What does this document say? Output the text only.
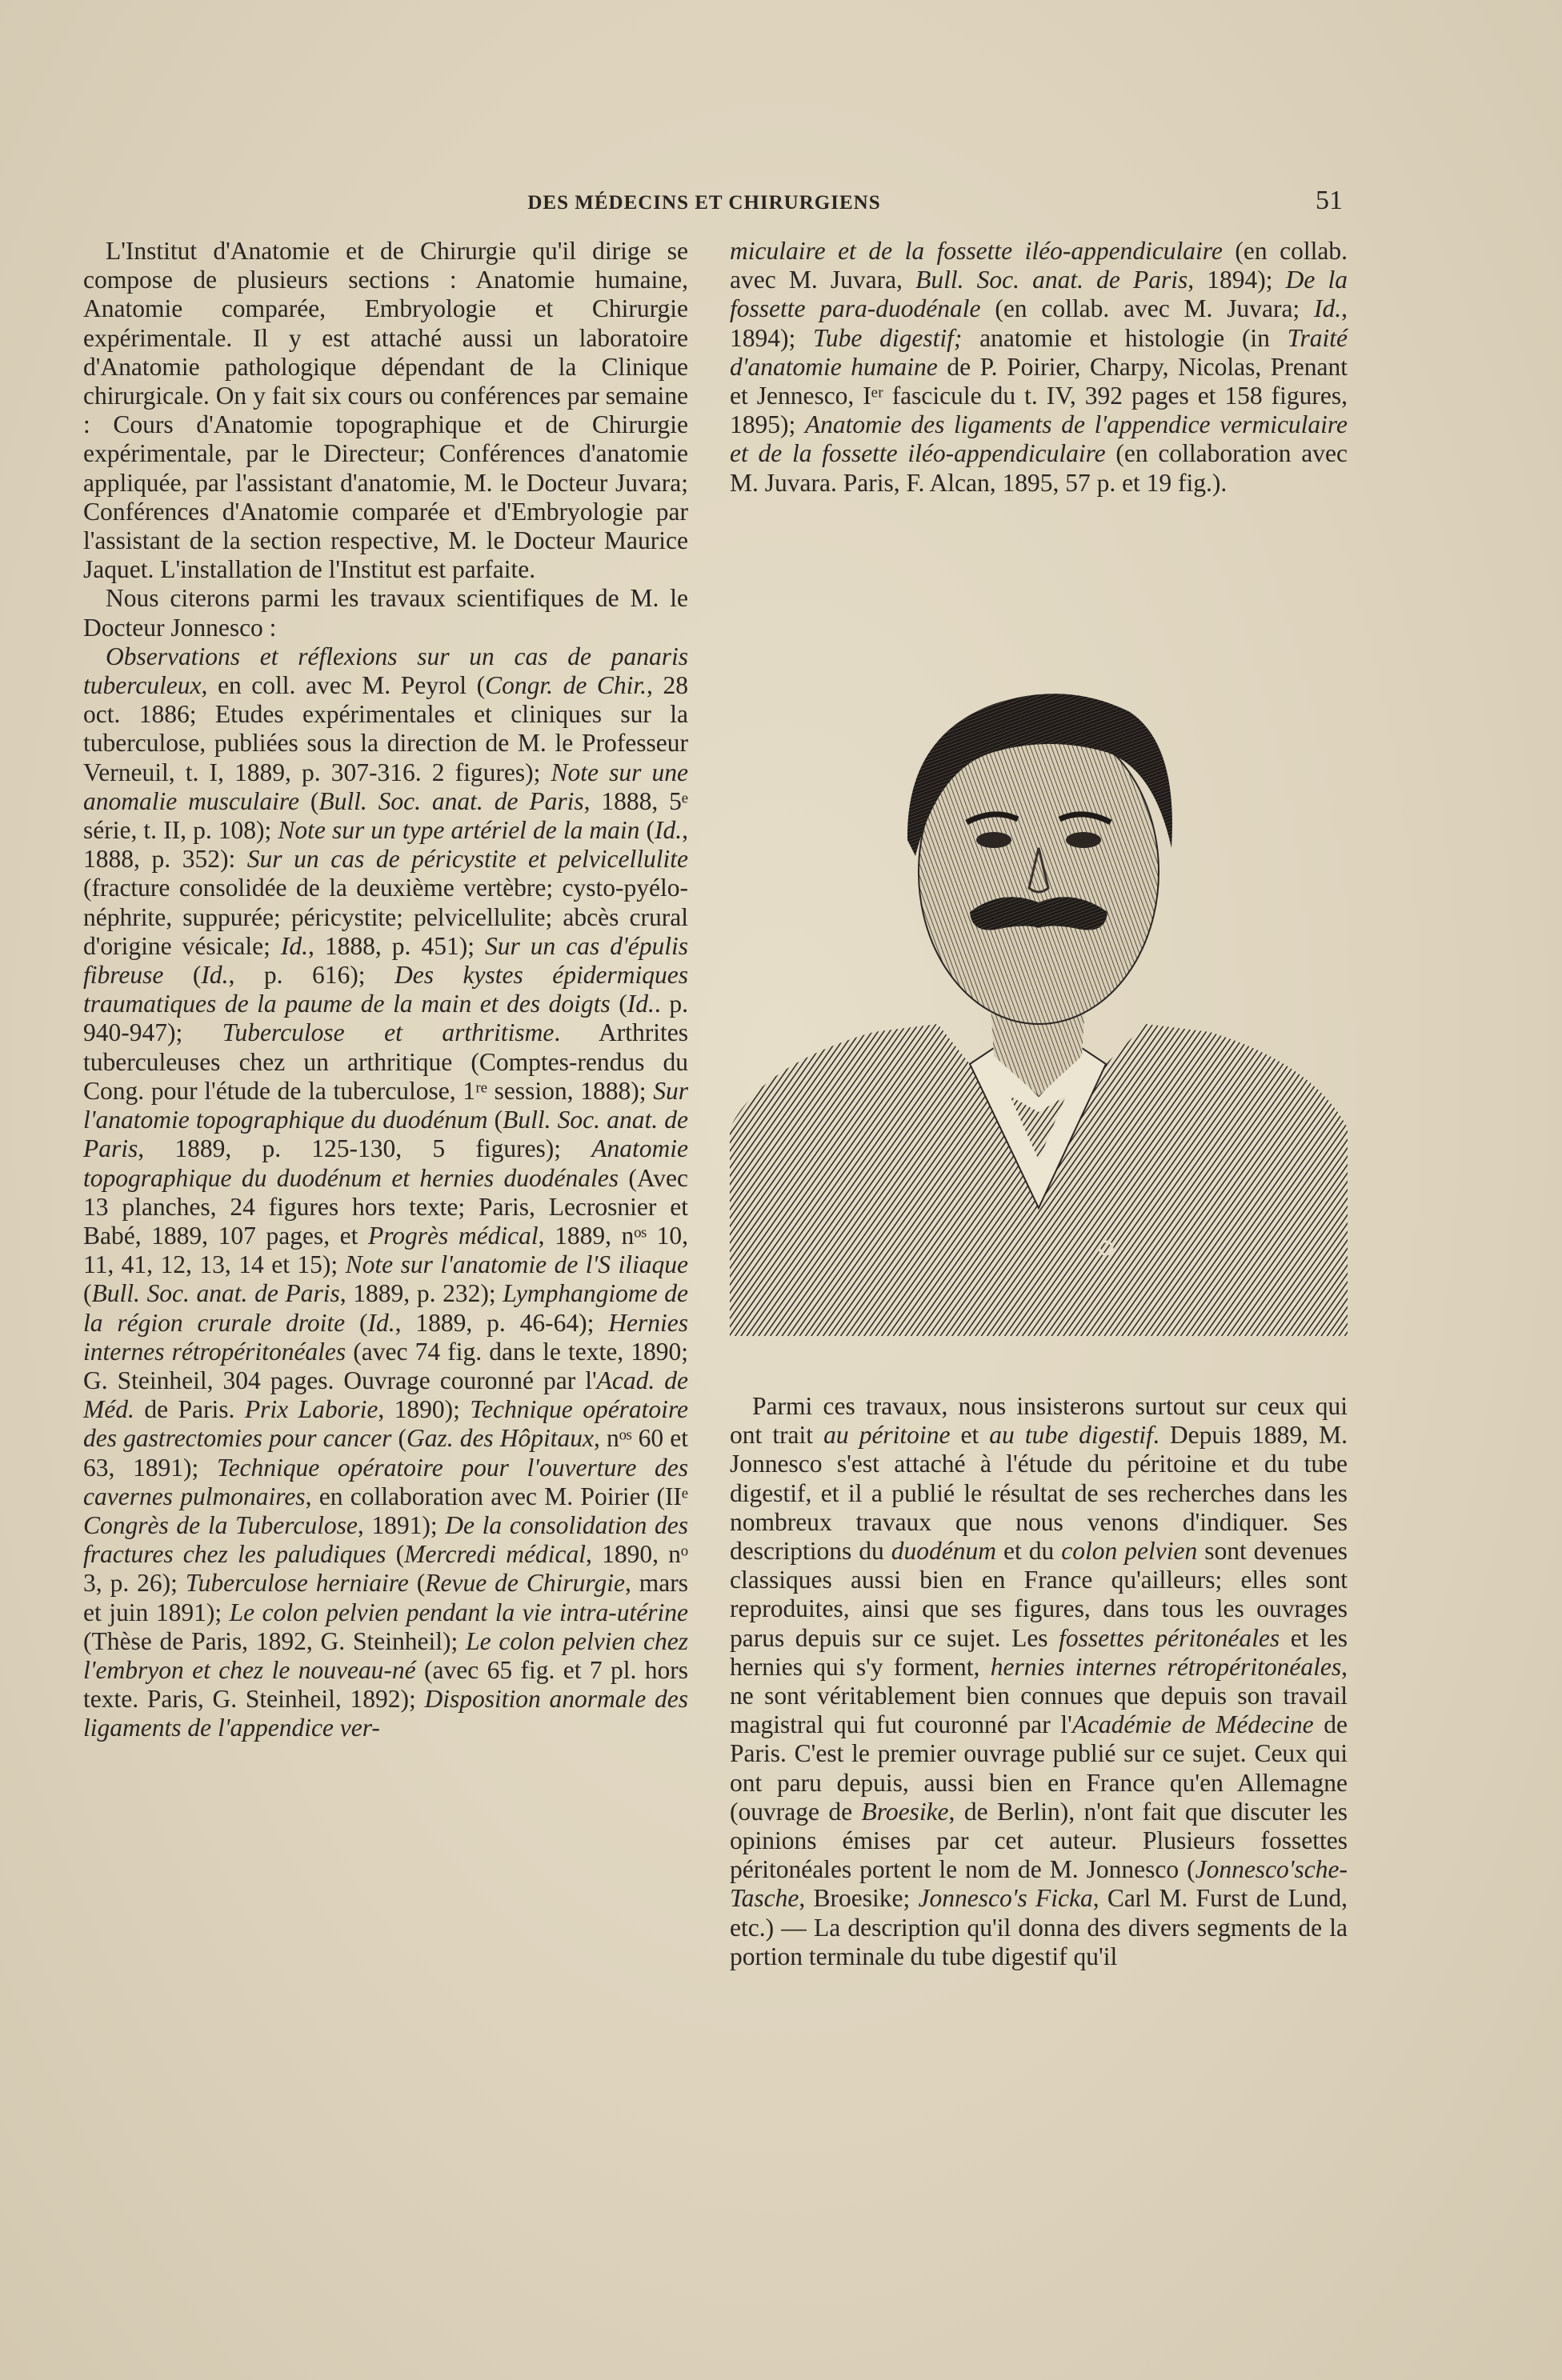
DES MÉDECINS ET CHIRURGIENS	51

L'Institut d'Anatomie et de Chirurgie qu'il dirige se compose de plusieurs sections : Anatomie humaine, Anatomie comparée, Embryologie et Chirurgie expérimentale. Il y est attaché aussi un laboratoire d'Anatomie pathologique dépendant de la Clinique chirurgicale. On y fait six cours ou conférences par semaine : Cours d'Anatomie topographique et de Chirurgie expérimentale, par le Directeur; Conférences d'anatomie appliquée, par l'assistant d'anatomie, M. le Docteur Juvara; Conférences d'Anatomie comparée et d'Embryologie par l'assistant de la section respective, M. le Docteur Maurice Jaquet. L'installation de l'Institut est parfaite.

Nous citerons parmi les travaux scientifiques de M. le Docteur Jonnesco :

Observations et réflexions sur un cas de panaris tuberculeux, en coll. avec M. Peyrol (Congr. de Chir., 28 oct. 1886; Etudes expérimentales et cliniques sur la tuberculose, publiées sous la direction de M. le Professeur Verneuil, t. I, 1889, p. 307-316. 2 figures); Note sur une anomalie musculaire (Bull. Soc. anat. de Paris, 1888, 5ᵉ série, t. II, p. 108); Note sur un type artériel de la main (Id., 1888, p. 352): Sur un cas de péricystite et pelvicellulite (fracture consolidée de la deuxième vertèbre; cysto-pyélo-néphrite, suppurée; péricystite; pelvicellulite; abcès crural d'origine vésicale; Id., 1888, p. 451); Sur un cas d'épulis fibreuse (Id., p. 616); Des kystes épidermiques traumatiques de la paume de la main et des doigts (Id.. p. 940-947); Tuberculose et arthritisme. Arthrites tuberculeuses chez un arthritique (Comptes-rendus du Cong. pour l'étude de la tuberculose, 1ʳᵉ session, 1888); Sur l'anatomie topographique du duodénum (Bull. Soc. anat. de Paris, 1889, p. 125-130, 5 figures); Anatomie topographique du duodénum et hernies duodénales (Avec 13 planches, 24 figures hors texte; Paris, Lecrosnier et Babé, 1889, 107 pages, et Progrès médical, 1889, nᵒˢ 10, 11, 41, 12, 13, 14 et 15); Note sur l'anatomie de l'S iliaque (Bull. Soc. anat. de Paris, 1889, p. 232); Lymphangiome de la région crurale droite (Id., 1889, p. 46-64); Hernies internes rétropéritonéales (avec 74 fig. dans le texte, 1890; G. Steinheil, 304 pages. Ouvrage couronné par l'Acad. de Méd. de Paris. Prix Laborie, 1890); Technique opératoire des gastrectomies pour cancer (Gaz. des Hôpitaux, nᵒˢ 60 et 63, 1891); Technique opératoire pour l'ouverture des cavernes pulmonaires, en collaboration avec M. Poirier (IIᵉ Congrès de la Tuberculose, 1891); De la consolidation des fractures chez les paludiques (Mercredi médical, 1890, nᵒ 3, p. 26); Tuberculose herniaire (Revue de Chirurgie, mars et juin 1891); Le colon pelvien pendant la vie intra-utérine (Thèse de Paris, 1892, G. Steinheil); Le colon pelvien chez l'embryon et chez le nouveau-né (avec 65 fig. et 7 pl. hors texte. Paris, G. Steinheil, 1892); Disposition anormale des ligaments de l'appendice ver-

miculaire et de la fossette iléo-appendiculaire (en collab. avec M. Juvara, Bull. Soc. anat. de Paris, 1894); De la fossette para-duodénale (en collab. avec M. Juvara; Id., 1894); Tube digestif; anatomie et histologie (in Traité d'anatomie humaine de P. Poirier, Charpy, Nicolas, Prenant et Jennesco, Iᵉʳ fascicule du t. IV, 392 pages et 158 figures, 1895); Anatomie des ligaments de l'appendice vermiculaire et de la fossette iléo-appendiculaire (en collaboration avec M. Juvara. Paris, F. Alcan, 1895, 57 p. et 19 fig.).

Parmi ces travaux, nous insisterons surtout sur ceux qui ont trait au péritoine et au tube digestif. Depuis 1889, M. Jonnesco s'est attaché à l'étude du péritoine et du tube digestif, et il a publié le résultat de ses recherches dans les nombreux travaux que nous venons d'indiquer. Ses descriptions du duodénum et du colon pelvien sont devenues classiques aussi bien en France qu'ailleurs; elles sont reproduites, ainsi que ses figures, dans tous les ouvrages parus depuis sur ce sujet. Les fossettes péritonéales et les hernies qui s'y forment, hernies internes rétropéritonéales, ne sont véritablement bien connues que depuis son travail magistral qui fut couronné par l'Académie de Médecine de Paris. C'est le premier ouvrage publié sur ce sujet. Ceux qui ont paru depuis, aussi bien en France qu'en Allemagne (ouvrage de Broesike, de Berlin), n'ont fait que discuter les opinions émises par cet auteur. Plusieurs fossettes péritonéales portent le nom de M. Jonnesco (Jonnesco'sche-Tasche, Broesike; Jonnesco's Ficka, Carl M. Furst de Lund, etc.) — La description qu'il donna des divers segments de la portion terminale du tube digestif qu'il
